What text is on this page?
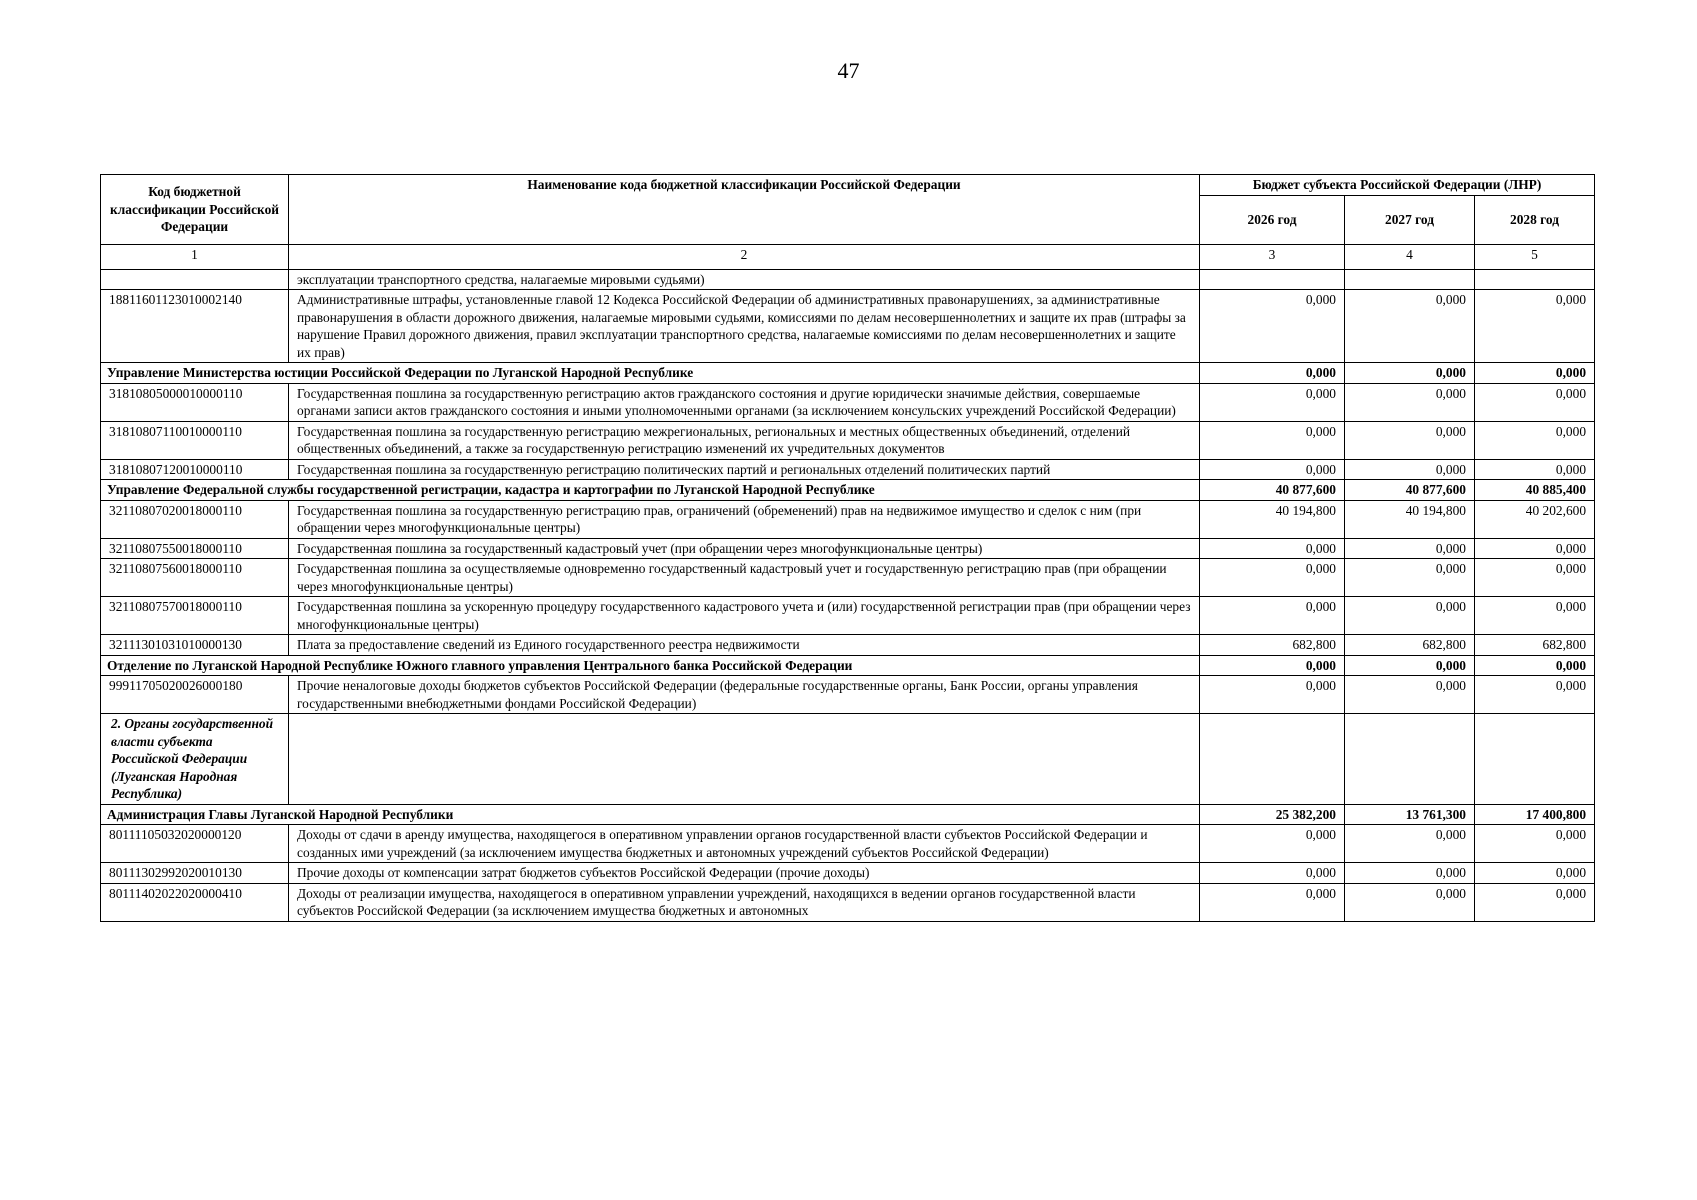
47
Код бюджетной классификации Российской Федерации	Наименование кода бюджетной классификации Российской Федерации	Бюджет субъекта Российской Федерации (ЛНР)		
		2026 год	2027 год	2028 год
1	2	3	4	5
	эксплуатации транспортного средства, налагаемые мировыми судьями)			
18811601123010002140	Административные штрафы, установленные главой 12 Кодекса Российской Федерации об административных правонарушениях, за административные правонарушения в области дорожного движения, налагаемые мировыми судьями, комиссиями по делам несовершеннолетних и защите их прав (штрафы за нарушение Правил дорожного движения, правил эксплуатации транспортного средства, налагаемые комиссиями по делам несовершеннолетних и защите их прав)	0,000	0,000	0,000
Управление Министерства юстиции Российской Федерации по Луганской Народной Республике		0,000	0,000	0,000
31810805000010000110	Государственная пошлина за государственную регистрацию актов гражданского состояния и другие юридически значимые действия, совершаемые органами записи актов гражданского состояния и иными уполномоченными органами (за исключением консульских учреждений Российской Федерации)	0,000	0,000	0,000
31810807110010000110	Государственная пошлина за государственную регистрацию межрегиональных, региональных и местных общественных объединений, отделений общественных объединений, а также за государственную регистрацию изменений их учредительных документов	0,000	0,000	0,000
31810807120010000110	Государственная пошлина за государственную регистрацию политических партий и региональных отделений политических партий	0,000	0,000	0,000
Управление Федеральной службы государственной регистрации, кадастра и картографии по Луганской Народной Республике		40 877,600	40 877,600	40 885,400
32110807020018000110	Государственная пошлина за государственную регистрацию прав, ограничений (обременений) прав на недвижимое имущество и сделок с ним (при обращении через многофункциональные центры)	40 194,800	40 194,800	40 202,600
32110807550018000110	Государственная пошлина за государственный кадастровый учет (при обращении через многофункциональные центры)	0,000	0,000	0,000
32110807560018000110	Государственная пошлина за осуществляемые одновременно государственный кадастровый учет и государственную регистрацию прав (при обращении через многофункциональные центры)	0,000	0,000	0,000
32110807570018000110	Государственная пошлина за ускоренную процедуру государственного кадастрового учета и (или) государственной регистрации прав (при обращении через многофункциональные центры)	0,000	0,000	0,000
32111301031010000130	Плата за предоставление сведений из Единого государственного реестра недвижимости	682,800	682,800	682,800
Отделение по Луганской Народной Республике Южного главного управления Центрального банка Российской Федерации		0,000	0,000	0,000
99911705020026000180	Прочие неналоговые доходы бюджетов субъектов Российской Федерации (федеральные государственные органы, Банк России, органы управления государственными внебюджетными фондами Российской Федерации)	0,000	0,000	0,000
2. Органы государственной власти субъекта Российской Федерации (Луганская Народная Республика)				
Администрация Главы Луганской Народной Республики		25 382,200	13 761,300	17 400,800
80111105032020000120	Доходы от сдачи в аренду имущества, находящегося в оперативном управлении органов государственной власти субъектов Российской Федерации и созданных ими учреждений (за исключением имущества бюджетных и автономных учреждений субъектов Российской Федерации)	0,000	0,000	0,000
80111302992020010130	Прочие доходы от компенсации затрат бюджетов субъектов Российской Федерации (прочие доходы)	0,000	0,000	0,000
80111402022020000410	Доходы от реализации имущества, находящегося в оперативном управлении учреждений, находящихся в ведении органов государственной власти субъектов Российской Федерации (за исключением имущества бюджетных и автономных	0,000	0,000	0,000
